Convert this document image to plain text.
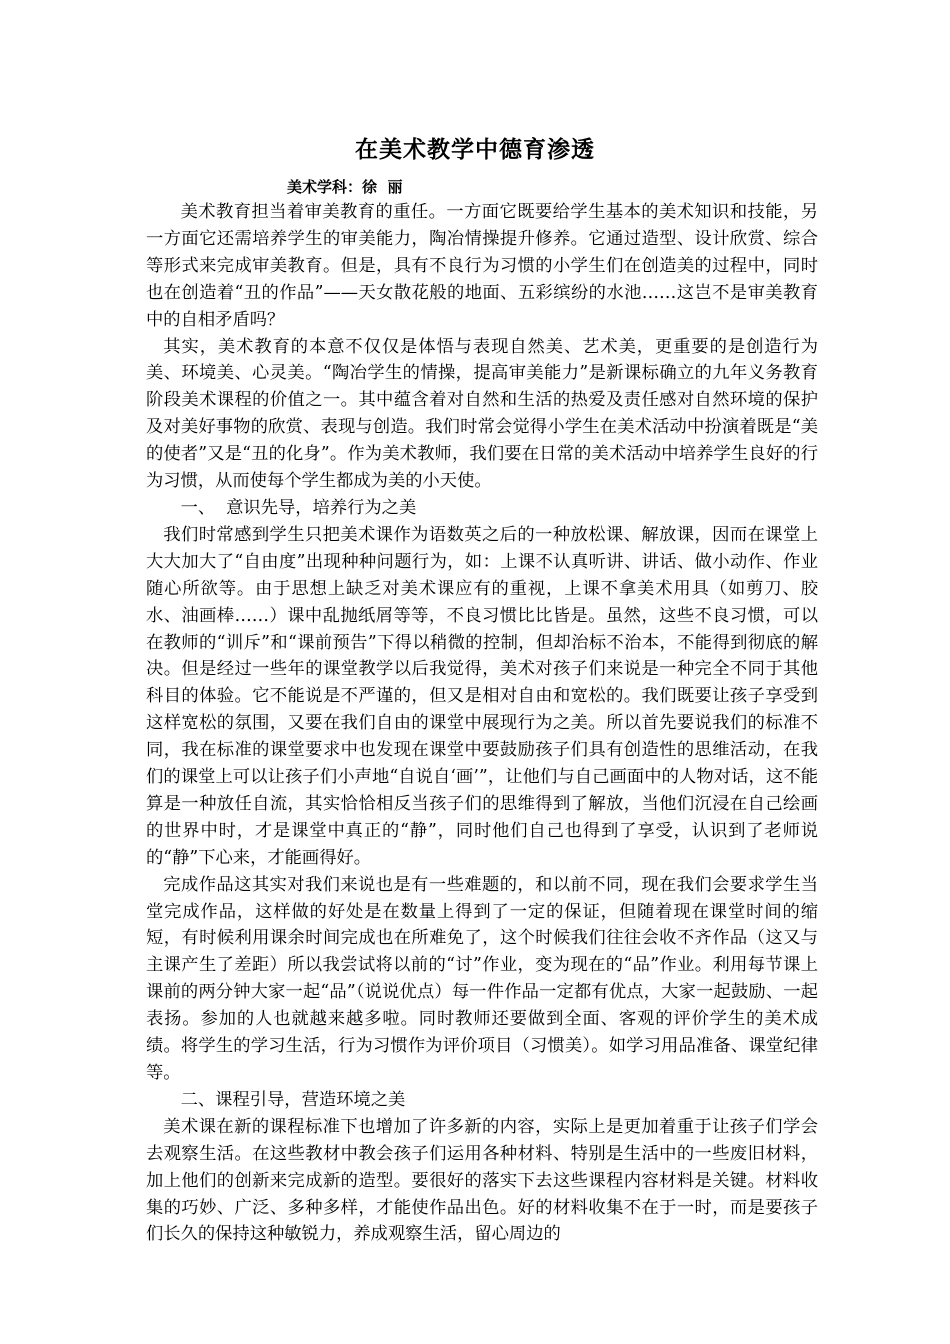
在美术教学中德育渗透
美术学科：徐  丽

美术教育担当着审美教育的重任。一方面它既要给学生基本的美术知识和技能，另一方面它还需培养学生的审美能力，陶冶情操提升修养。它通过造型、设计欣赏、综合等形式来完成审美教育。但是，具有不良行为习惯的小学生们在创造美的过程中，同时也在创造着“丑的作品”——天女散花般的地面、五彩缤纷的水池……这岂不是审美教育中的自相矛盾吗？

其实，美术教育的本意不仅仅是体悟与表现自然美、艺术美，更重要的是创造行为美、环境美、心灵美。“陶冶学生的情操，提高审美能力”是新课标确立的九年义务教育阶段美术课程的价值之一。其中蕴含着对自然和生活的热爱及责任感对自然环境的保护及对美好事物的欣赏、表现与创造。我们时常会觉得小学生在美术活动中扮演着既是“美的使者”又是“丑的化身”。作为美术教师，我们要在日常的美术活动中培养学生良好的行为习惯，从而使每个学生都成为美的小天使。

一、  意识先导，培养行为之美

我们时常感到学生只把美术课作为语数英之后的一种放松课、解放课，因而在课堂上大大加大了“自由度”出现种种问题行为，如：上课不认真听讲、讲话、做小动作、作业随心所欲等。由于思想上缺乏对美术课应有的重视，上课不拿美术用具（如剪刀、胶水、油画棒……）课中乱抛纸屑等等，不良习惯比比皆是。虽然，这些不良习惯，可以在教师的“训斥”和“课前预告”下得以稍微的控制，但却治标不治本，不能得到彻底的解决。但是经过一些年的课堂教学以后我觉得，美术对孩子们来说是一种完全不同于其他科目的体验。它不能说是不严谨的，但又是相对自由和宽松的。我们既要让孩子享受到这样宽松的氛围，又要在我们自由的课堂中展现行为之美。所以首先要说我们的标准不同，我在标准的课堂要求中也发现在课堂中要鼓励孩子们具有创造性的思维活动，在我们的课堂上可以让孩子们小声地“自说自‘画’”，让他们与自己画面中的人物对话，这不能算是一种放任自流，其实恰恰相反当孩子们的思维得到了解放，当他们沉浸在自己绘画的世界中时，才是课堂中真正的“静”，同时他们自己也得到了享受，认识到了老师说的“静”下心来，才能画得好。

完成作品这其实对我们来说也是有一些难题的，和以前不同，现在我们会要求学生当堂完成作品，这样做的好处是在数量上得到了一定的保证，但随着现在课堂时间的缩短，有时候利用课余时间完成也在所难免了，这个时候我们往往会收不齐作品（这又与主课产生了差距）所以我尝试将以前的“讨”作业，变为现在的“品”作业。利用每节课上课前的两分钟大家一起“品”（说说优点）每一件作品一定都有优点，大家一起鼓励、一起表扬。参加的人也就越来越多啦。同时教师还要做到全面、客观的评价学生的美术成绩。将学生的学习生活，行为习惯作为评价项目（习惯美）。如学习用品准备、课堂纪律等。

二、课程引导，营造环境之美

美术课在新的课程标准下也增加了许多新的内容，实际上是更加着重于让孩子们学会去观察生活。在这些教材中教会孩子们运用各种材料、特别是生活中的一些废旧材料，加上他们的创新来完成新的造型。要很好的落实下去这些课程内容材料是关键。材料收集的巧妙、广泛、多种多样，才能使作品出色。好的材料收集不在于一时，而是要孩子们长久的保持这种敏锐力，养成观察生活，留心周边的
